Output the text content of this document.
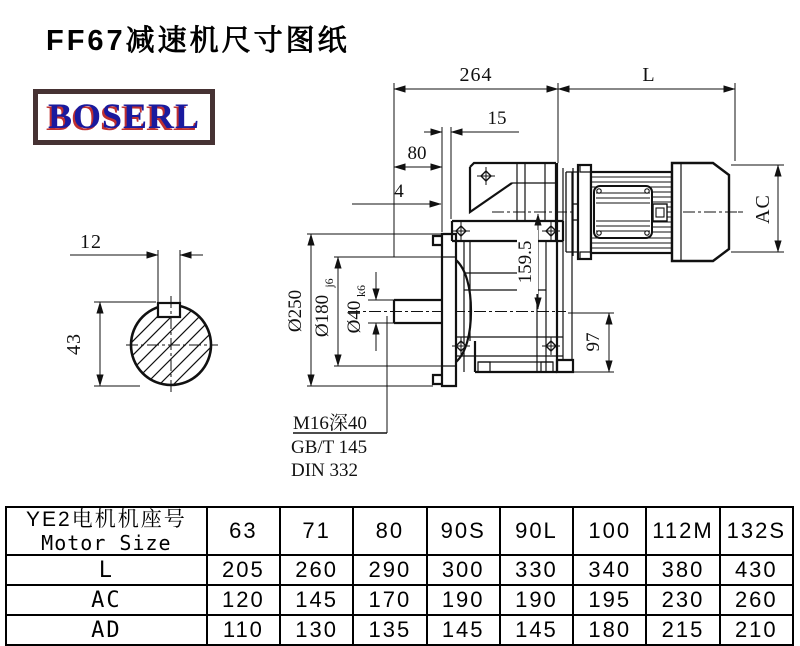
FF67减速机尺寸图纸
BOSERL
12
43
264	L
15
80
4
AC
159.5
97
Ø250 Ø180
j6
Ø40
k6
M16深40
GB/T 145
DIN 332
YE2电机机座号
Motor Size	63	71	80	90S	90L	100	112M	132S
L	205	260	290	300	330	340	380	430
AC	120	145	170	190	190	195	230	260
AD	110	130	135	145	145	180	215	210
